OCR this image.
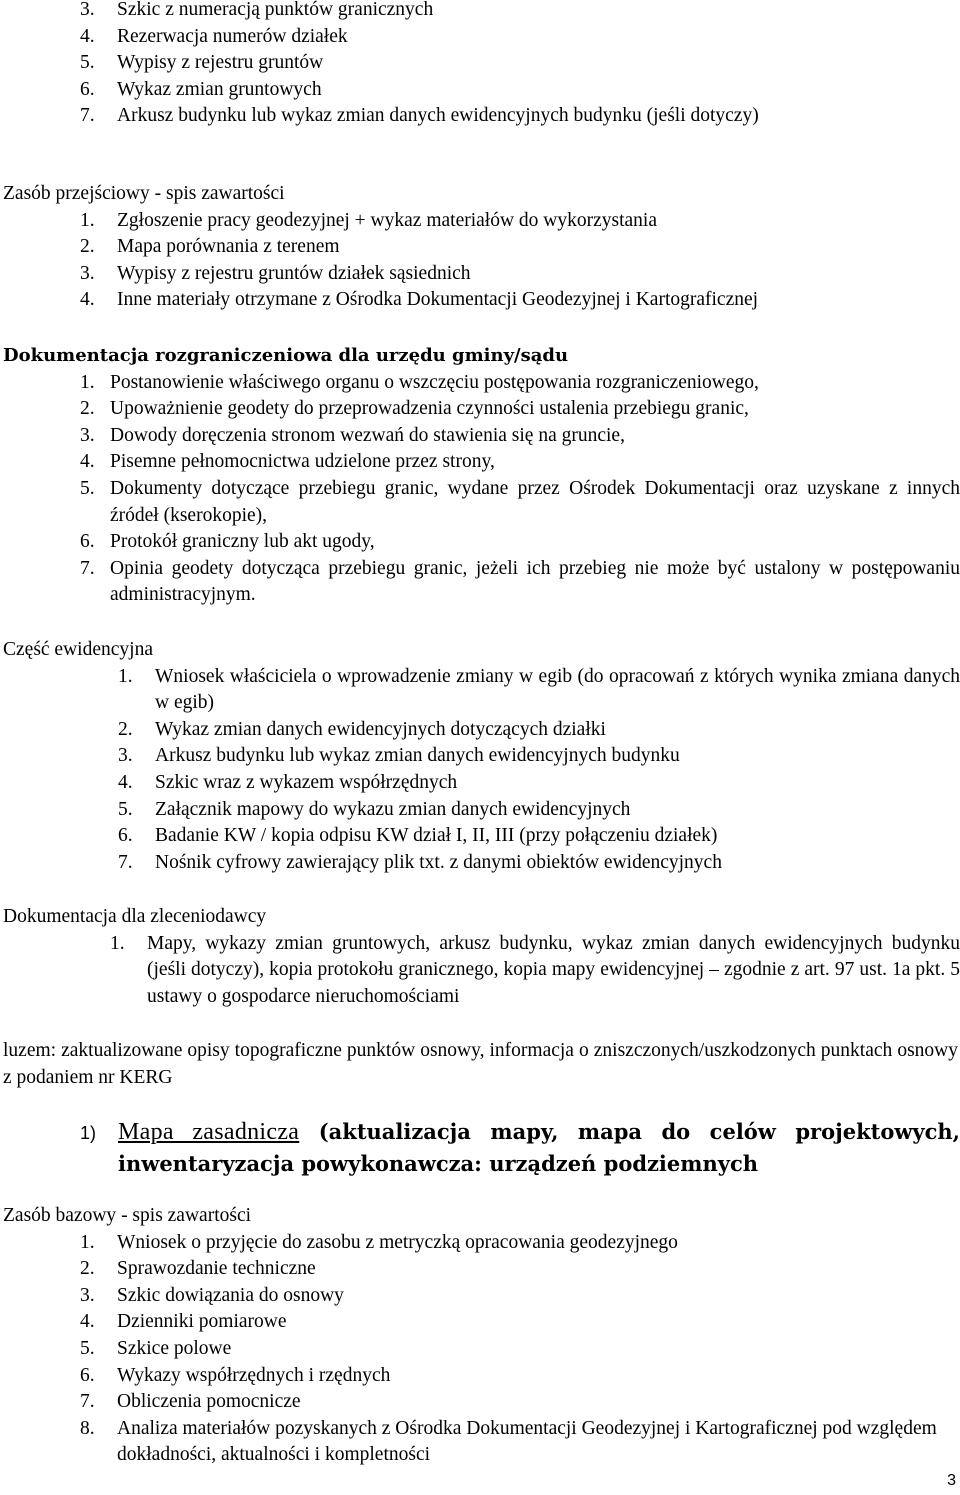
3. Szkic z numeracją punktów granicznych
4. Rezerwacja numerów działek
5. Wypisy z rejestru gruntów
6. Wykaz zmian gruntowych
7. Arkusz budynku lub wykaz zmian danych ewidencyjnych budynku (jeśli dotyczy)
Zasób przejściowy - spis zawartości
1. Zgłoszenie pracy geodezyjnej + wykaz materiałów do wykorzystania
2. Mapa porównania z terenem
3. Wypisy z rejestru gruntów działek sąsiednich
4. Inne materiały otrzymane z Ośrodka Dokumentacji Geodezyjnej i Kartograficznej
Dokumentacja rozgraniczeniowa dla urzędu gminy/sądu
1. Postanowienie właściwego organu o wszczęciu postępowania rozgraniczeniowego,
2. Upoważnienie geodety do przeprowadzenia czynności ustalenia przebiegu granic,
3. Dowody doręczenia stronom wezwań do stawienia się na gruncie,
4. Pisemne pełnomocnictwa udzielone przez strony,
5. Dokumenty dotyczące przebiegu granic, wydane przez Ośrodek Dokumentacji oraz uzyskane z innych źródeł (kserokopie),
6. Protokół graniczny lub akt ugody,
7. Opinia geodety dotycząca przebiegu granic, jeżeli ich przebieg nie może być ustalony w postępowaniu administracyjnym.
Część ewidencyjna
1. Wniosek właściciela o wprowadzenie zmiany w egib (do opracowań z których wynika zmiana danych w egib)
2. Wykaz zmian danych ewidencyjnych dotyczących działki
3. Arkusz budynku lub wykaz zmian danych ewidencyjnych budynku
4. Szkic wraz z wykazem współrzędnych
5. Załącznik mapowy do wykazu zmian danych ewidencyjnych
6. Badanie KW / kopia odpisu KW dział I, II, III (przy połączeniu działek)
7. Nośnik cyfrowy zawierający plik txt. z danymi obiektów ewidencyjnych
Dokumentacja dla zleceniodawcy
1. Mapy, wykazy zmian gruntowych, arkusz budynku, wykaz zmian danych ewidencyjnych budynku (jeśli dotyczy), kopia protokołu granicznego, kopia mapy ewidencyjnej – zgodnie z art. 97 ust. 1a pkt. 5 ustawy o gospodarce nieruchomościami
luzem: zaktualizowane opisy topograficzne punktów osnowy, informacja o zniszczonych/uszkodzonych punktach osnowy z podaniem nr KERG
1) Mapa zasadnicza (aktualizacja mapy, mapa do celów projektowych, inwentaryzacja powykonawcza: urządzeń podziemnych
Zasób bazowy - spis zawartości
1. Wniosek o przyjęcie do zasobu z metryczką opracowania geodezyjnego
2. Sprawozdanie techniczne
3. Szkic dowiązania do osnowy
4. Dzienniki pomiarowe
5. Szkice polowe
6. Wykazy współrzędnych i rzędnych
7. Obliczenia pomocnicze
8. Analiza materiałów pozyskanych z Ośrodka Dokumentacji Geodezyjnej i Kartograficznej pod względem dokładności, aktualności i kompletności
3
